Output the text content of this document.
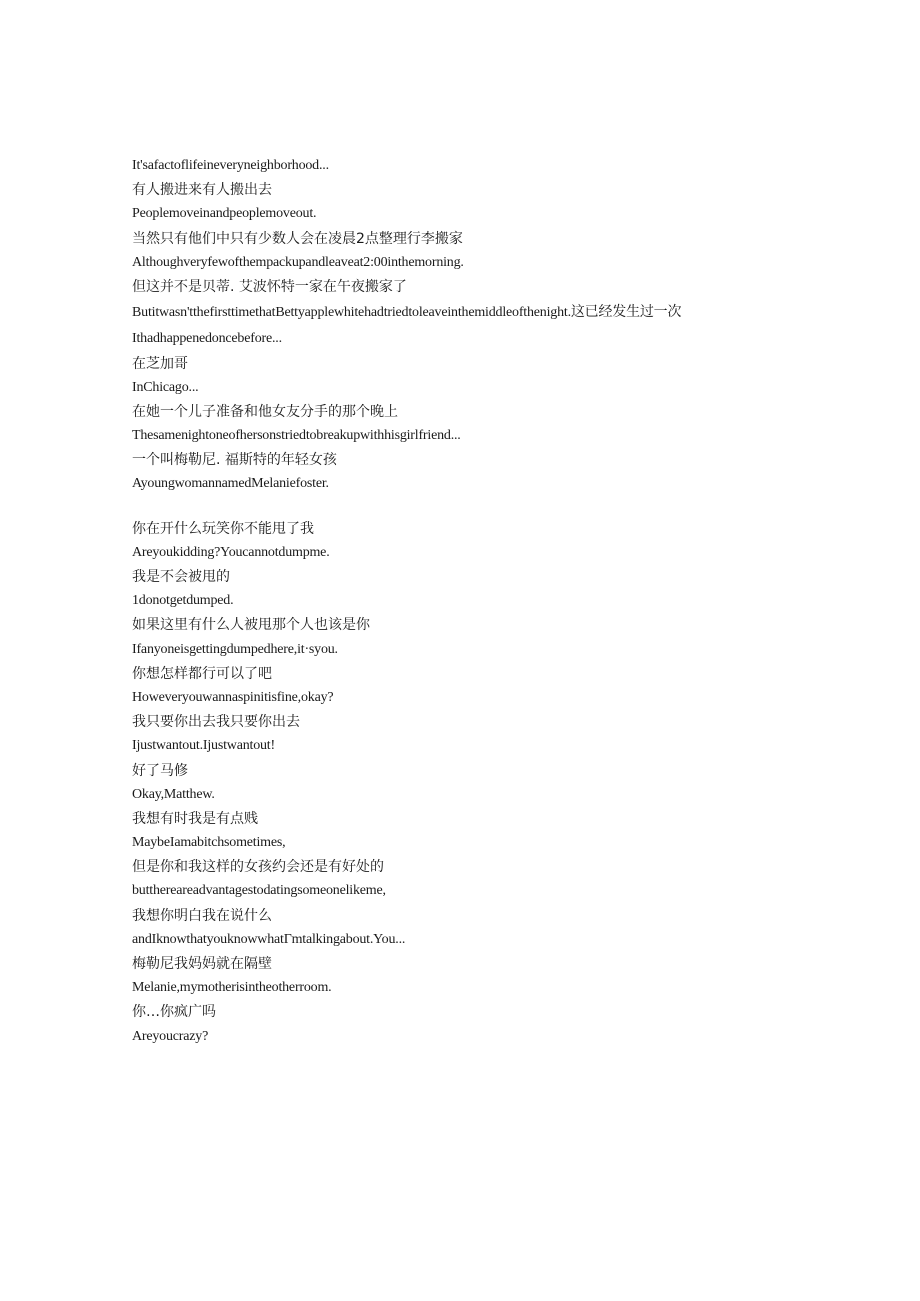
It'safactoflifeineveryneighborhood...
有人搬进来有人搬出去
Peoplemoveinandpeoplemoveout.
当然只有他们中只有少数人会在凌晨2点整理行李搬家
Althoughveryfewofthempackupandleaveat2:00inthemorning.
但这并不是贝蒂. 艾波怀特一家在午夜搬家了
Butitwasn'tthefirsttimethatBettyapplewhitehadtriedtoleaveinthemiddleofthenight.这已经发生过一次
Ithadhappenedoncebefore...
在芝加哥
InChicago...
在她一个儿子准备和他女友分手的那个晚上
Thesamenightoneofhersonstriedtobreakupwithhisgirlfriend...
一个叫梅勒尼. 福斯特的年轻女孩
AyoungwomannamedMelaniefoster.
你在开什么玩笑你不能甩了我
Areyoukidding?Youcannotdumpme.
我是不会被甩的
1donotgetdumped.
如果这里有什么人被甩那个人也该是你
Ifanyoneisgettingdumpedhere,it·syou.
你想怎样都行可以了吧
Howeveryouwannaspinitisfine,okay?
我只要你出去我只要你出去
Ijustwantout.Ijustwantout!
好了马修
Okay,Matthew.
我想有时我是有点贱
MaybeIamabitchsometimes,
但是你和我这样的女孩约会还是有好处的
butthereareadvantagestodatingsomeonelikeme,
我想你明白我在说什么
andIknowthatyouknowwhatΓmtalkingabout.You...
梅勒尼我妈妈就在隔壁
Melanie,mymotherisintheotherroom.
你…你疯广吗
Areyoucrazy?
